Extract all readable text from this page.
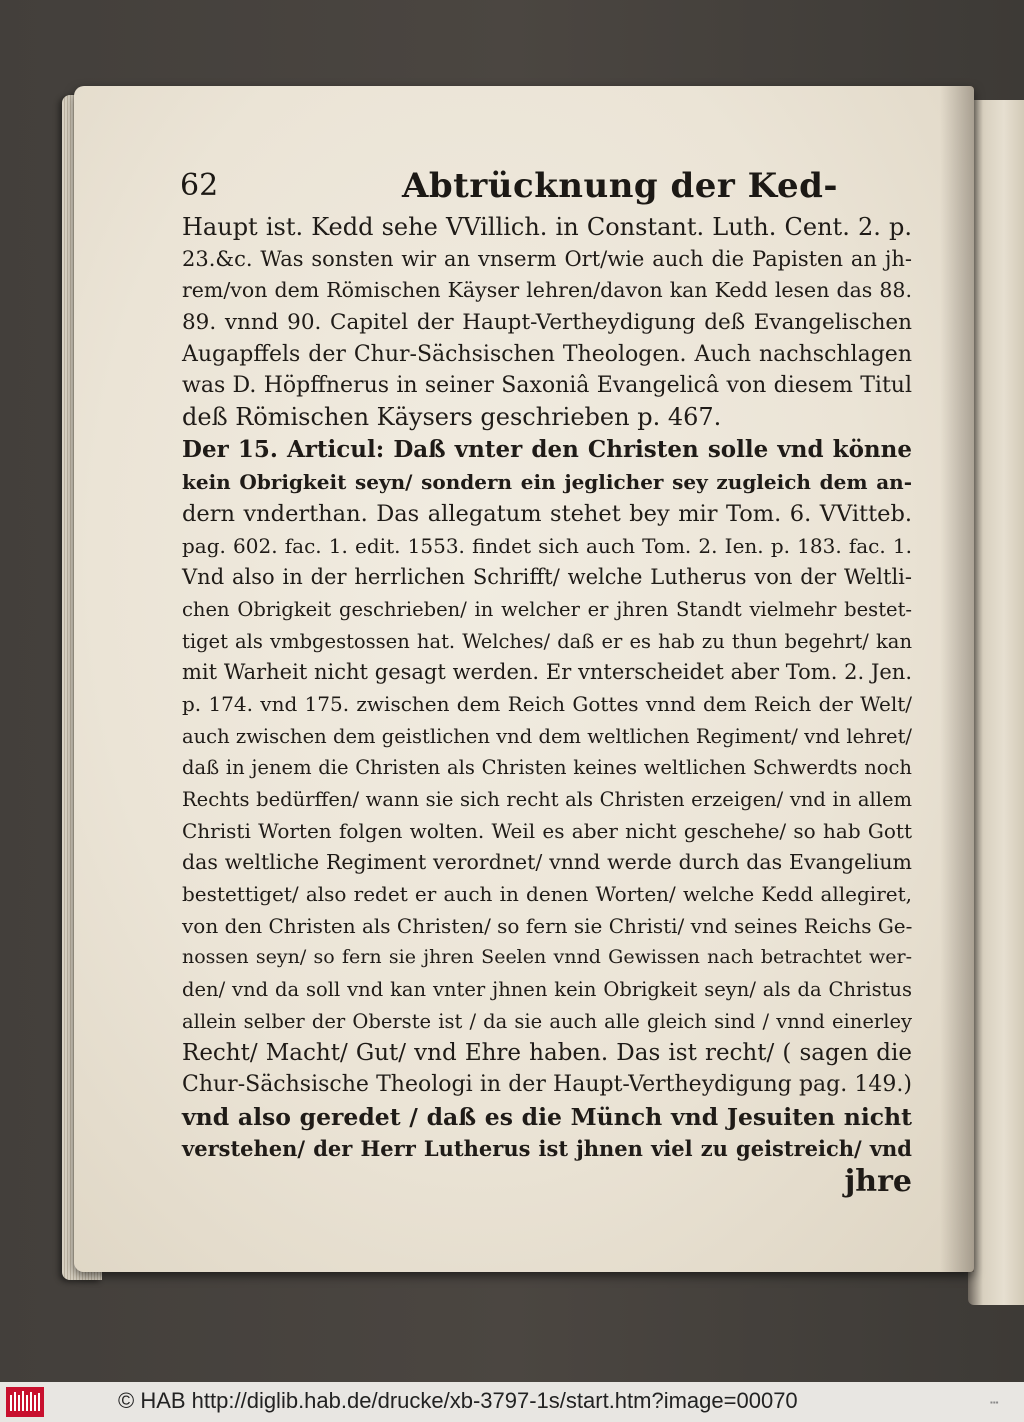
62	Abtrücknung der Ked-
Haupt ist. Kedd sehe VVillich. in Constant. Luth. Cent. 2. p.
23.&c. Was sonsten wir an vnserm Ort/wie auch die Papisten an jh-
rem/von dem Römischen Käyser lehren/davon kan Kedd lesen das 88.
89. vnnd 90. Capitel der Haupt-Vertheydigung deß Evangelischen
Augapffels der Chur-Sächsischen Theologen. Auch nachschlagen
was D. Höpffnerus in seiner Saxoniâ Evangelicâ von diesem Titul
deß Römischen Käysers geschrieben p. 467.
Der 15. Articul: Daß vnter den Christen solle vnd könne
kein Obrigkeit seyn/ sondern ein jeglicher sey zugleich dem an-
dern vnderthan. Das allegatum stehet bey mir Tom. 6. VVitteb.
pag. 602. fac. 1. edit. 1553. findet sich auch Tom. 2. Ien. p. 183. fac. 1.
Vnd also in der herrlichen Schrifft/ welche Lutherus von der Weltli-
chen Obrigkeit geschrieben/ in welcher er jhren Standt vielmehr bestet-
tiget als vmbgestossen hat. Welches/ daß er es hab zu thun begehrt/ kan
mit Warheit nicht gesagt werden. Er vnterscheidet aber Tom. 2. Jen.
p. 174. vnd 175. zwischen dem Reich Gottes vnnd dem Reich der Welt/
auch zwischen dem geistlichen vnd dem weltlichen Regiment/ vnd lehret/
daß in jenem die Christen als Christen keines weltlichen Schwerdts noch
Rechts bedürffen/ wann sie sich recht als Christen erzeigen/ vnd in allem
Christi Worten folgen wolten. Weil es aber nicht geschehe/ so hab Gott
das weltliche Regiment verordnet/ vnnd werde durch das Evangelium
bestettiget/ also redet er auch in denen Worten/ welche Kedd allegiret,
von den Christen als Christen/ so fern sie Christi/ vnd seines Reichs Ge-
nossen seyn/ so fern sie jhren Seelen vnnd Gewissen nach betrachtet wer-
den/ vnd da soll vnd kan vnter jhnen kein Obrigkeit seyn/ als da Christus
allein selber der Oberste ist / da sie auch alle gleich sind / vnnd einerley
Recht/ Macht/ Gut/ vnd Ehre haben. Das ist recht/ ( sagen die
Chur-Sächsische Theologi in der Haupt-Vertheydigung pag. 149.)
vnd also geredet / daß es die Münch vnd Jesuiten nicht
verstehen/ der Herr Lutherus ist jhnen viel zu geistreich/ vnd
jhre
© HAB http://diglib.hab.de/drucke/xb-3797-1s/start.htm?image=00070	▪▪▪
